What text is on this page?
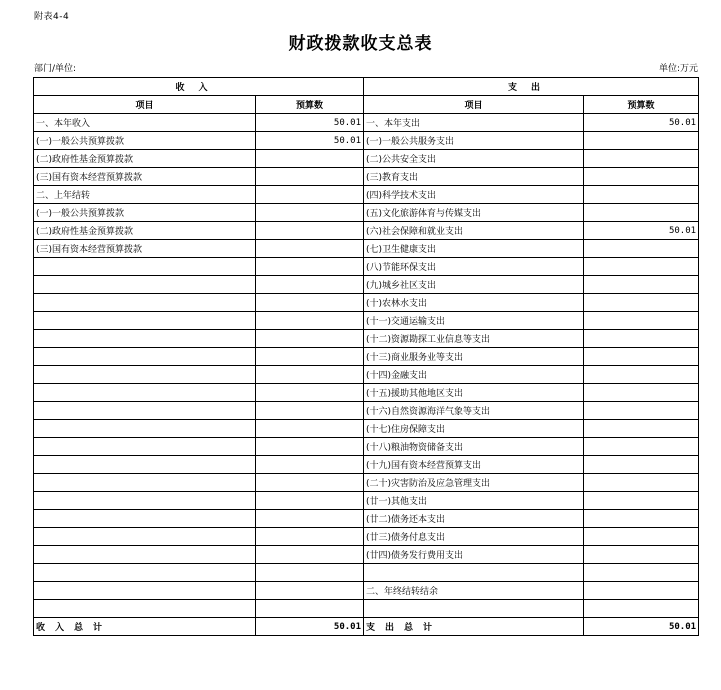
附表4-4
财政拨款收支总表
部门/单位:	单位:万元
收入		支出	
项目	预算数	项目	预算数
一、本年收入	50.01	一、本年支出	50.01
(一)一般公共预算拨款	50.01	(一)一般公共服务支出	
(二)政府性基金预算拨款		(二)公共安全支出	
(三)国有资本经营预算拨款		(三)教育支出	
二、上年结转		(四)科学技术支出	
(一)一般公共预算拨款		(五)文化旅游体育与传媒支出	
(二)政府性基金预算拨款		(六)社会保障和就业支出	50.01
(三)国有资本经营预算拨款		(七)卫生健康支出	
		(八)节能环保支出	
		(九)城乡社区支出	
		(十)农林水支出	
		(十一)交通运输支出	
		(十二)资源勘探工业信息等支出	
		(十三)商业服务业等支出	
		(十四)金融支出	
		(十五)援助其他地区支出	
		(十六)自然资源海洋气象等支出	
		(十七)住房保障支出	
		(十八)粮油物资储备支出	
		(十九)国有资本经营预算支出	
		(二十)灾害防治及应急管理支出	
		(廿一)其他支出	
		(廿二)债务还本支出	
		(廿三)债务付息支出	
		(廿四)债务发行费用支出	

		二、年终结转结余	

收入总计	50.01	支出总计	50.01
